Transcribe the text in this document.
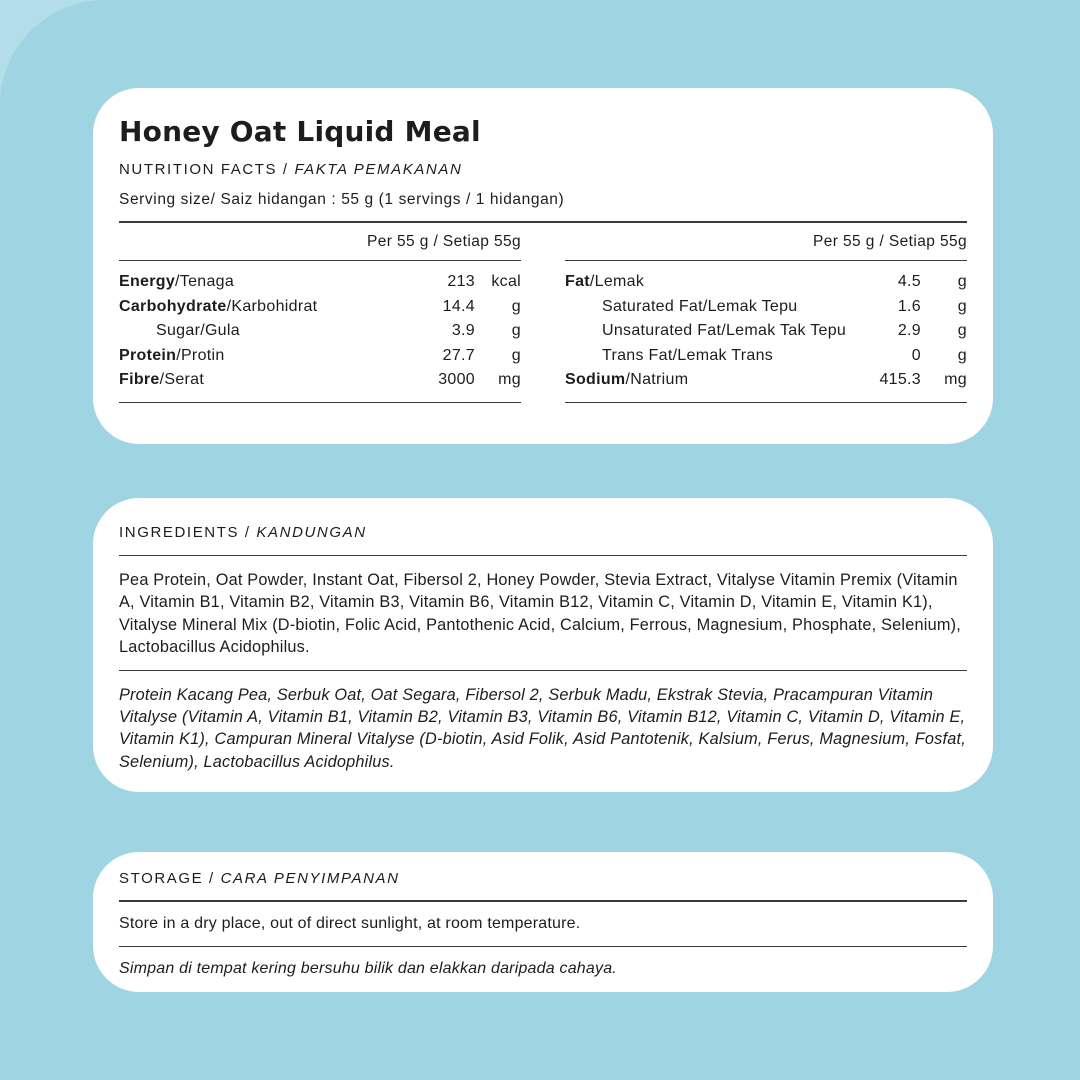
Honey Oat Liquid Meal
NUTRITION FACTS / FAKTA PEMAKANAN
Serving size/ Saiz hidangan : 55 g (1 servings / 1 hidangan)
Per 55 g / Setiap 55g
Energy/Tenaga	213	kcal
Carbohydrate/Karbohidrat	14.4	g
Sugar/Gula	3.9	g
Protein/Protin	27.7	g
Fibre/Serat	3000	mg
Per 55 g / Setiap 55g
Fat/Lemak	4.5	g
Saturated Fat/Lemak Tepu	1.6	g
Unsaturated Fat/Lemak Tak Tepu	2.9	g
Trans Fat/Lemak Trans	0	g
Sodium/Natrium	415.3	mg
INGREDIENTS / KANDUNGAN

Pea Protein, Oat Powder, Instant Oat, Fibersol 2, Honey Powder, Stevia Extract, Vitalyse Vitamin Premix (Vitamin A, Vitamin B1, Vitamin B2, Vitamin B3, Vitamin B6, Vitamin B12, Vitamin C, Vitamin D, Vitamin E, Vitamin K1), Vitalyse Mineral Mix (D-biotin, Folic Acid, Pantothenic Acid, Calcium, Ferrous, Magnesium, Phosphate, Selenium), Lactobacillus Acidophilus.

Protein Kacang Pea, Serbuk Oat, Oat Segara, Fibersol 2, Serbuk Madu, Ekstrak Stevia, Pracampuran Vitamin Vitalyse (Vitamin A, Vitamin B1, Vitamin B2, Vitamin B3, Vitamin B6, Vitamin B12, Vitamin C, Vitamin D, Vitamin E, Vitamin K1), Campuran Mineral Vitalyse (D-biotin, Asid Folik, Asid Pantotenik, Kalsium, Ferus, Magnesium, Fosfat, Selenium), Lactobacillus Acidophilus.

STORAGE / CARA PENYIMPANAN

Store in a dry place, out of direct sunlight, at room temperature.

Simpan di tempat kering bersuhu bilik dan elakkan daripada cahaya.
